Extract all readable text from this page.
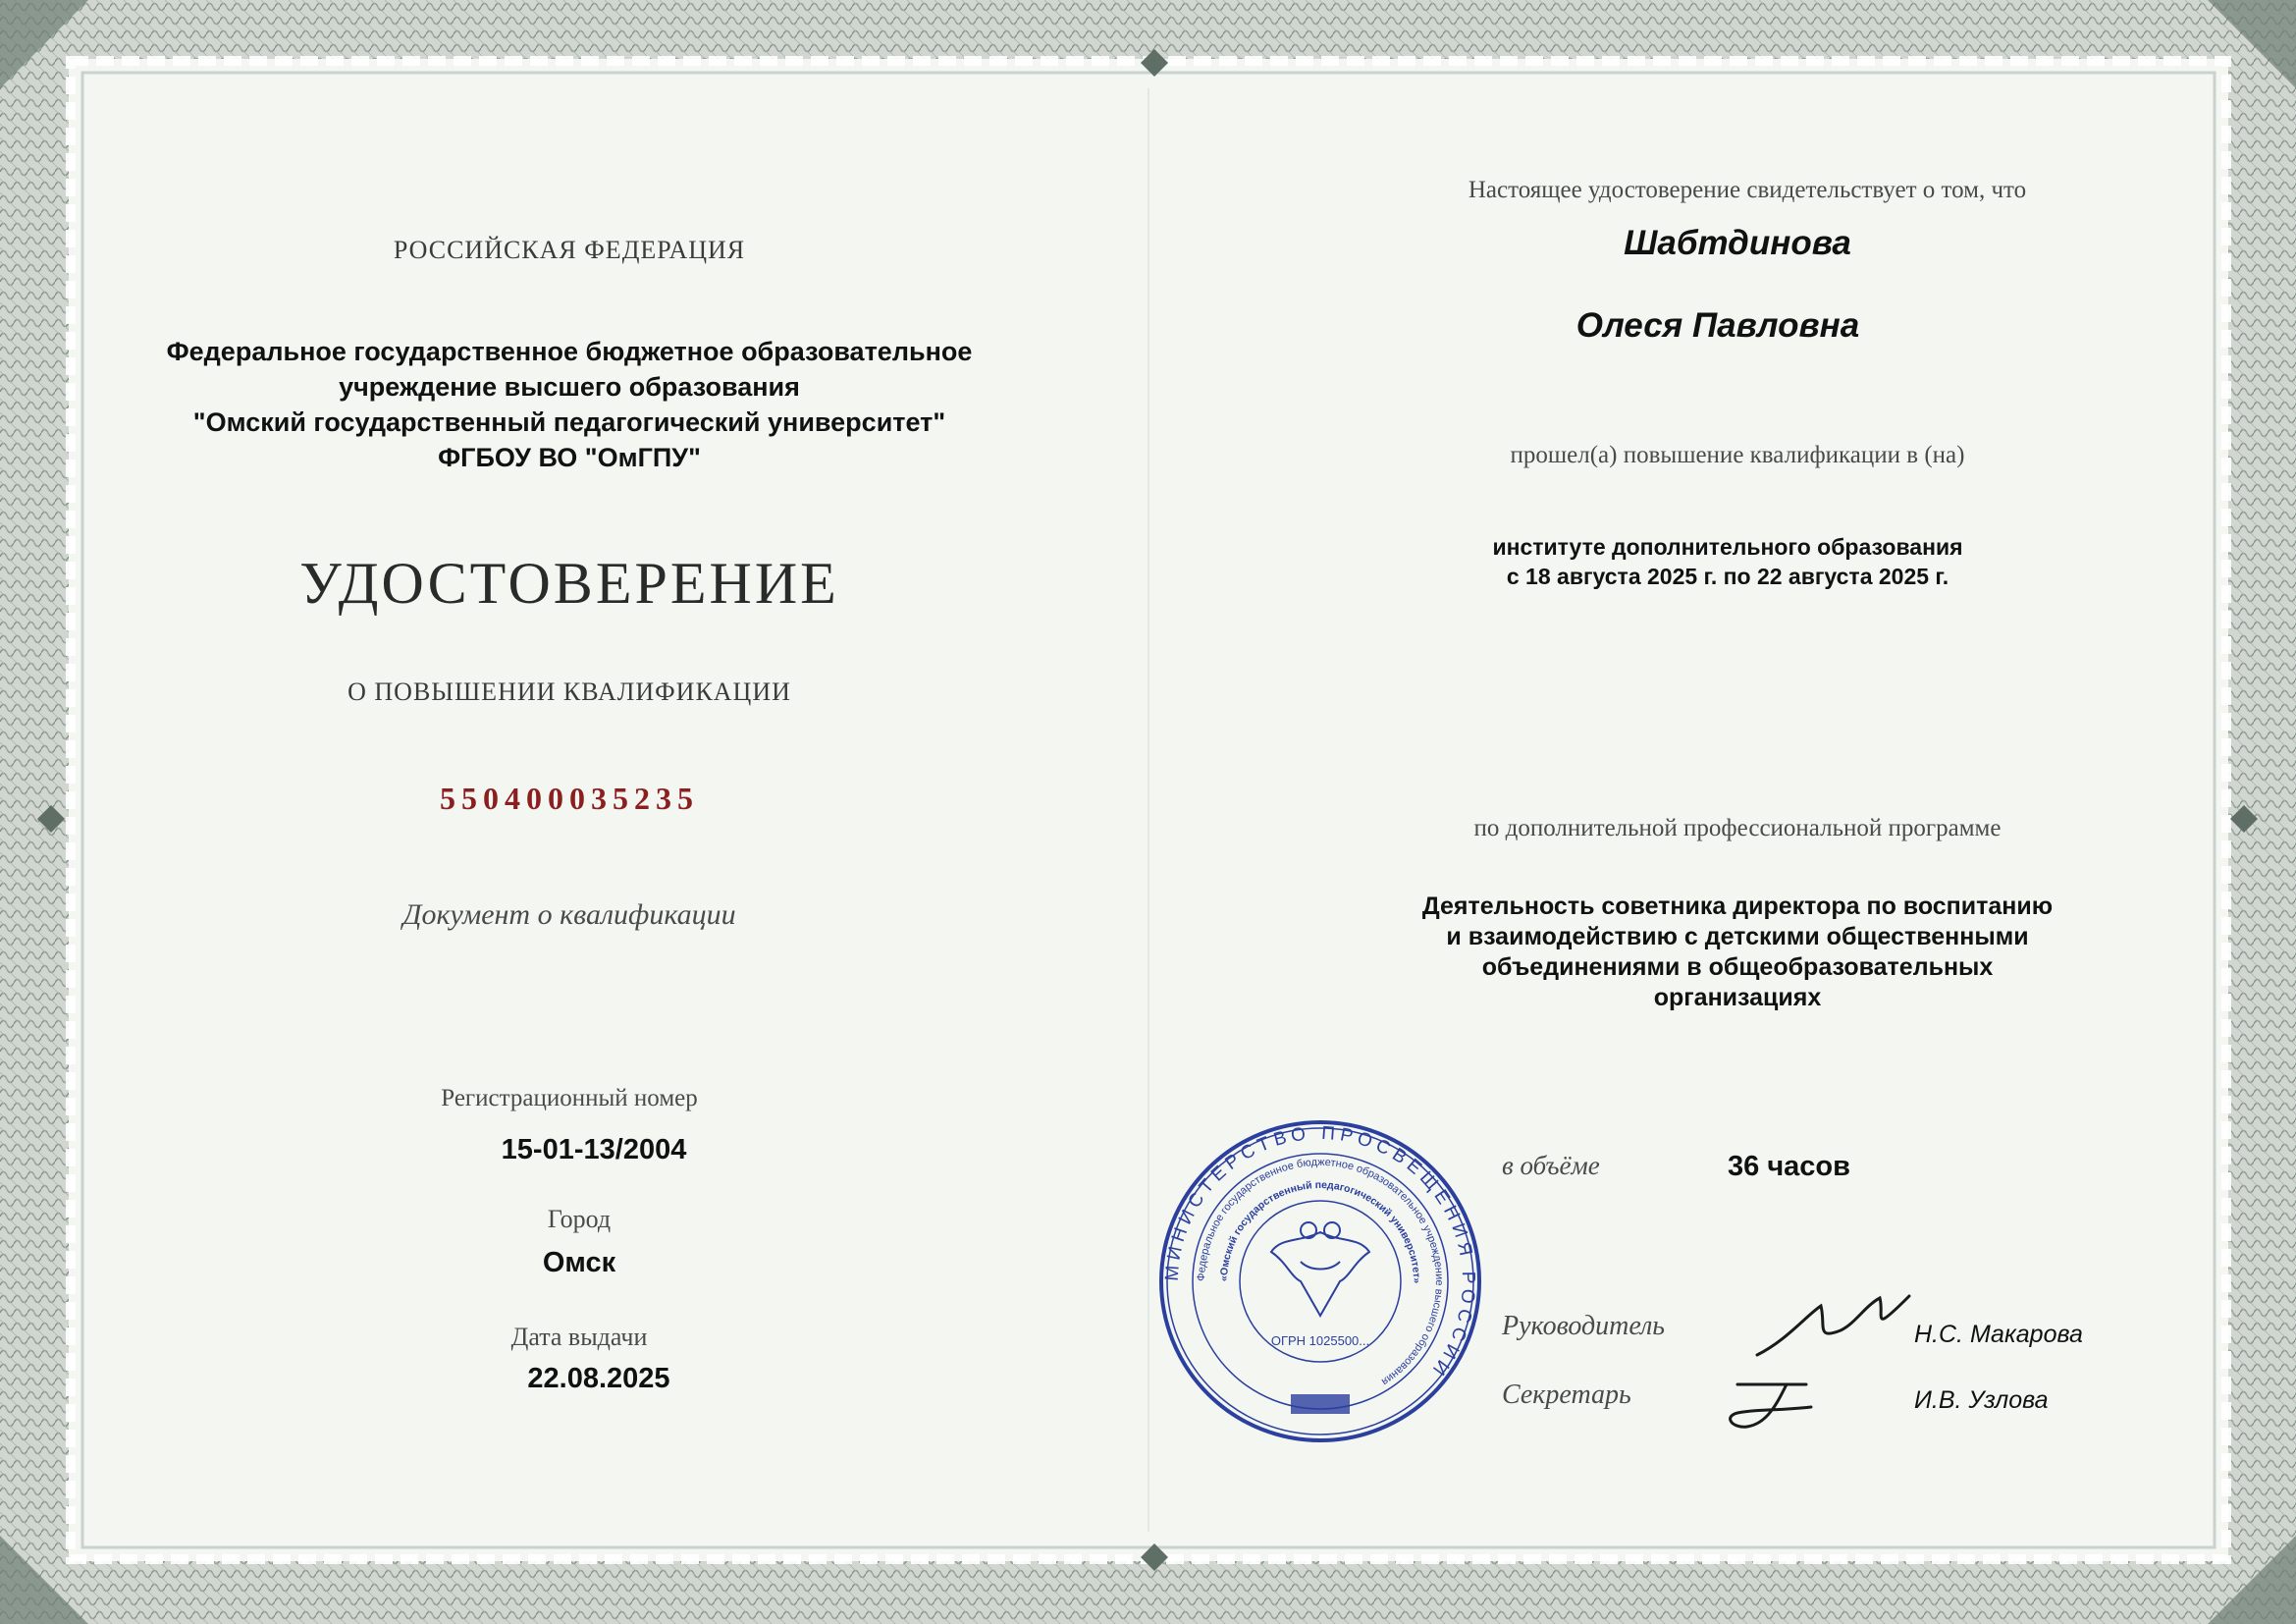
РОССИЙСКАЯ ФЕДЕРАЦИЯ
Федеральное государственное бюджетное образовательное
учреждение высшего образования
"Омский государственный педагогический университет"
ФГБОУ ВО "ОмГПУ"
УДОСТОВЕРЕНИЕ
О ПОВЫШЕНИИ КВАЛИФИКАЦИИ
550400035235
Документ о квалификации
Регистрационный номер
15-01-13/2004
Город
Омск
Дата выдачи
22.08.2025
Настоящее удостоверение свидетельствует о том, что
Шабтдинова
Олеся Павловна
прошел(а) повышение квалификации в (на)
институте дополнительного образования
с 18 августа 2025 г. по 22 августа 2025 г.
по дополнительной профессиональной программе
Деятельность советника директора по воспитанию
и взаимодействию с детскими общественными
объединениями в общеобразовательных
организациях
в объёме	36 часов
Руководитель	Н.С. Макарова
Секретарь	И.В. Узлова
МИНИСТЕРСТВО ПРОСВЕЩЕНИЯ РОССИИ
Федеральное государственное бюджетное образовательное учреждение высшего образования
«Омский государственный педагогический университет»
ОГРН 1025500...
